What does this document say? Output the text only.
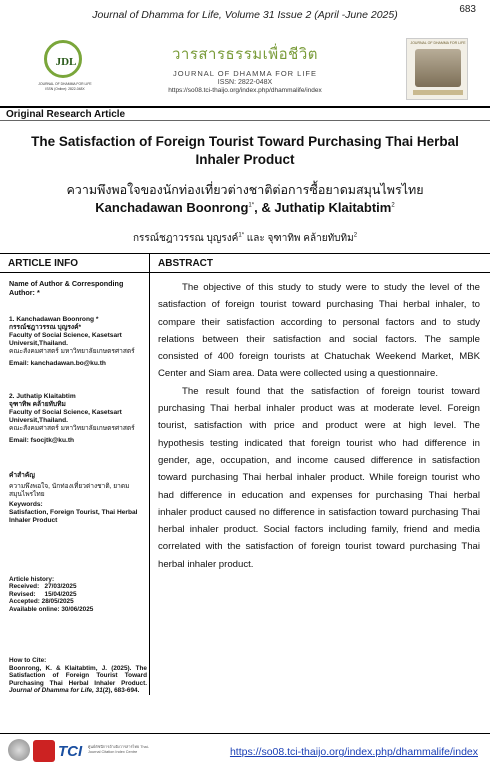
Journal of Dhamma for Life, Volume 31 Issue 2 (April -June 2025)	683
JDL
JOURNAL OF DHAMMA FOR LIFE
ISSN (Online): 2822-048X
วารสารธรรมเพื่อชีวิต
JOURNAL OF DHAMMA FOR LIFE
ISSN: 2822-048X
https://so08.tci-thaijo.org/index.php/dhammalife/index
JOURNAL OF DHAMMA FOR LIFE
Original Research Article
The Satisfaction of Foreign Tourist Toward Purchasing Thai Herbal
Inhaler Product
ความพึงพอใจของนักท่องเที่ยวต่างชาติต่อการซื้อยาดมสมุนไพรไทย
Kanchadawan Boonrong$^{1*}$, & Juthatip Klaitabtim$^2$
กรรณ์ชฎาวรรณ บุญรงค์$^{1*}$ และ จุฑาทิพ คล้ายทับทิม$^2$
ARTICLE INFO
Name of Author & Corresponding Author: *
1. Kanchadawan Boonrong *
กรรณ์ชฎาวรรณ บุญรงค์*
Faculty of Social Science, Kasetsart
Universit,Thailand.
คณะสังคมศาสตร์ มหาวิทยาลัยเกษตรศาสตร์
Email: kanchadawan.bo@ku.th
2. Juthatip Klaitabtim
จุฑาทิพ คล้ายทับทิม
Faculty of Social Science, Kasetsart
Universit,Thailand.
คณะสังคมศาสตร์ มหาวิทยาลัยเกษตรศาสตร์
Email: fsocjtk@ku.th
คำสำคัญ
ความพึงพอใจ, นักท่องเที่ยวต่างชาติ, ยาดมสมุนไพรไทย
Keywords:
Satisfaction, Foreign Tourist, Thai Herbal Inhaler Product
Article history:
Received:   27/03/2025
Revised:     15/04/2025
Accepted: 28/05/2025
Available online: 30/06/2025
How to Cite:
Boonrong, K. & Klaitabtim, J. (2025). The Satisfaction of Foreign Tourist Toward Purchasing Thai Herbal Inhaler Product. Journal of Dhamma for Life, 31(2), 683-694.
ABSTRACT

The objective of this study to study were to study the level of the satisfaction of foreign tourist toward purchasing Thai herbal inhaler, to compare their satisfaction according to personal factors and to study relations between their satisfaction and social factors. The sample consisted of 400 foreign tourists at Chatuchak Weekend Market, MBK Center and Siam area. Data were collected using a questionnaire.

The result found that the satisfaction of foreign tourist toward purchasing Thai herbal inhaler product was at moderate level. Foreign tourist, satisfaction with price and product were at high level. The hypothesis testing indicated that foreign tourist who had difference in gender, age, occupation, and income caused difference in satisfaction toward purchasing Thai herbal inhaler product. While foreign tourist who had difference in education and expenses for purchasing Thai herbal inhaler product caused no difference in satisfaction toward purchasing Thai herbal inhaler product. Social factors including family, friend and media correlated with the satisfaction of foreign tourist toward purchasing Thai herbal inhaler product.

TCI ศูนย์ดัชนีการอ้างอิงวารสารไทย Thai-Journal Citation Index Centre	https://so08.tci-thaijo.org/index.php/dhammalife/index
